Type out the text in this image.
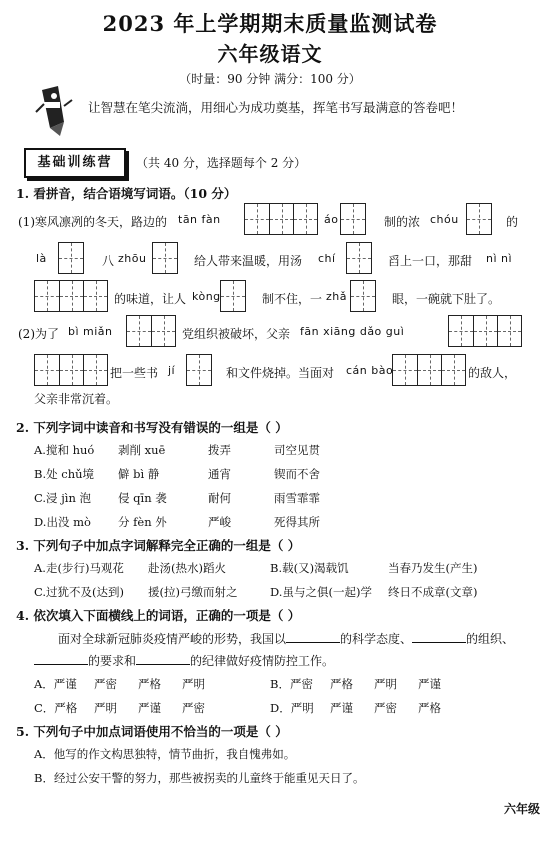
2023 年上学期期末质量监测试卷
六年级语文
（时量：90 分钟 满分：100 分）
让智慧在笔尖流淌，用细心为成功奠基，挥笔书写最满意的答卷吧！
基础训练营	（共 40 分，选择题每个 2 分）
1. 看拼音，结合语境写词语。（10 分）
(1)寒风凛冽的冬天，路边的 tān fàn	áo	制的浓 chóu	的
là	八 zhōu	给人带来温暖，用汤 chí	舀上一口，那甜 nì nì
的味道，让人 kòng	制不住，一 zhǎ	眼，一碗就下肚了。
(2)为了 bì miǎn	党组织被破坏，父亲 fān xiāng dǎo guì
把一些书 jí	和文件烧掉。当面对 cán bào	的敌人，
父亲非常沉着。
2. 下列字词中读音和书写没有错误的一组是（ ）
A.搅和 huó 剥削 xuē	拨弄	司空见贯
B.处 chǔ境 僻 bì 静	通宵	锲而不舍
C.浸 jìn 泡 侵 qīn 袭	耐何	雨雪霏霏
D.出没 mò 分 fèn 外	严峻	死得其所
3. 下列句子中加点字词解释完全正确的一组是（ ）
A.走(步行)马观花 赴汤(热水)蹈火	B.载(又)渴载饥	当春乃发生(产生)
C.过犹不及(达到) 援(拉)弓缴而射之	D.虽与之俱(一起)学 终日不成章(文章)
4. 依次填入下面横线上的词语，正确的一项是（ ）
面对全球新冠肺炎疫情严峻的形势，我国以	的科学态度、	的组织、
的要求和	的纪律做好疫情防控工作。
A．严谨 严密 严格 严明	B．严密 严格 严明 严谨
C．严格 严明 严谨 严密	D．严明 严谨 严密 严格
5. 下列句子中加点词语使用不恰当的一项是（ ）
A．他写的作文构思独特，情节曲折，我自愧弗如。
B．经过公安干警的努力，那些被拐卖的儿童终于能重见天日了。
六年级
